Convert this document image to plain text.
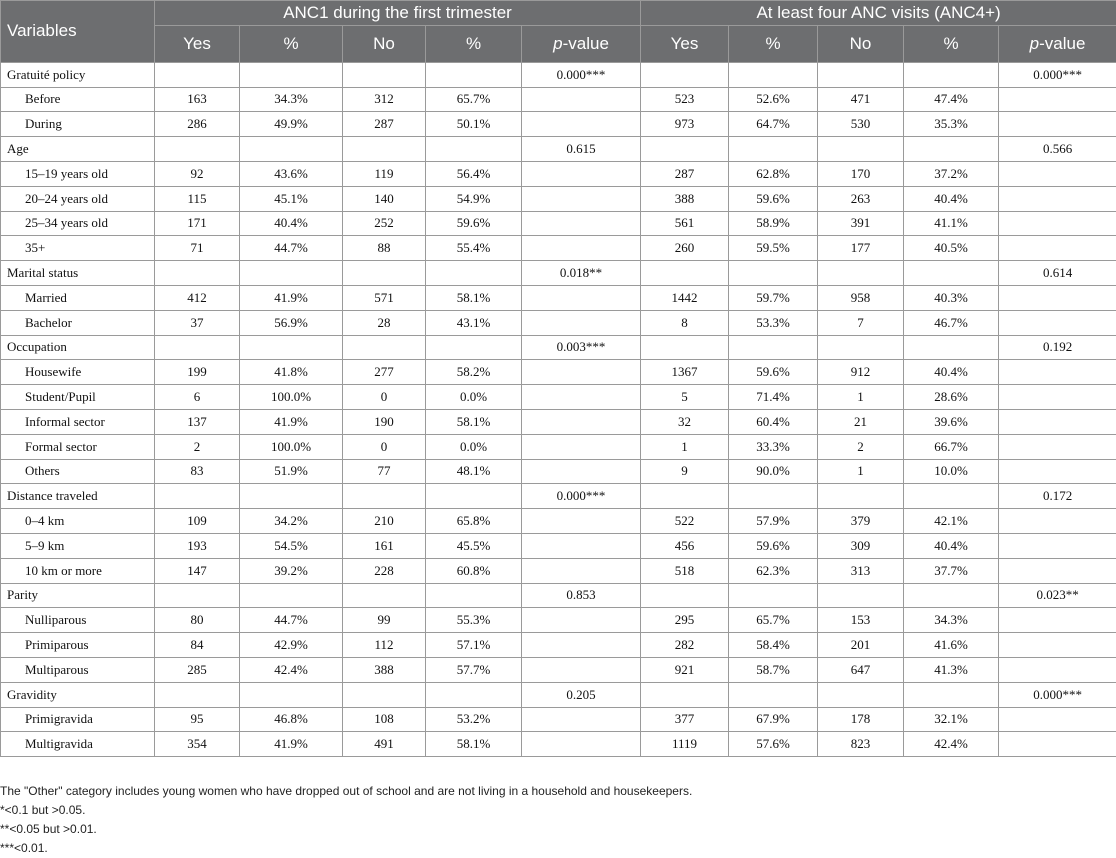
Variables	ANC1 during the first trimester					At least four ANC visits (ANC4+)				
	Yes	%	No	%	p-value	Yes	%	No	%	p-value
Gratuité policy					0.000***					0.000***
Before	163	34.3%	312	65.7%		523	52.6%	471	47.4%	
During	286	49.9%	287	50.1%		973	64.7%	530	35.3%	
Age					0.615					0.566
15–19 years old	92	43.6%	119	56.4%		287	62.8%	170	37.2%	
20–24 years old	115	45.1%	140	54.9%		388	59.6%	263	40.4%	
25–34 years old	171	40.4%	252	59.6%		561	58.9%	391	41.1%	
35+	71	44.7%	88	55.4%		260	59.5%	177	40.5%	
Marital status					0.018**					0.614
Married	412	41.9%	571	58.1%		1442	59.7%	958	40.3%	
Bachelor	37	56.9%	28	43.1%		8	53.3%	7	46.7%	
Occupation					0.003***					0.192
Housewife	199	41.8%	277	58.2%		1367	59.6%	912	40.4%	
Student/Pupil	6	100.0%	0	0.0%		5	71.4%	1	28.6%	
Informal sector	137	41.9%	190	58.1%		32	60.4%	21	39.6%	
Formal sector	2	100.0%	0	0.0%		1	33.3%	2	66.7%	
Others	83	51.9%	77	48.1%		9	90.0%	1	10.0%	
Distance traveled					0.000***					0.172
0–4 km	109	34.2%	210	65.8%		522	57.9%	379	42.1%	
5–9 km	193	54.5%	161	45.5%		456	59.6%	309	40.4%	
10 km or more	147	39.2%	228	60.8%		518	62.3%	313	37.7%	
Parity					0.853					0.023**
Nulliparous	80	44.7%	99	55.3%		295	65.7%	153	34.3%	
Primiparous	84	42.9%	112	57.1%		282	58.4%	201	41.6%	
Multiparous	285	42.4%	388	57.7%		921	58.7%	647	41.3%	
Gravidity					0.205					0.000***
Primigravida	95	46.8%	108	53.2%		377	67.9%	178	32.1%	
Multigravida	354	41.9%	491	58.1%		1119	57.6%	823	42.4%	
The "Other" category includes young women who have dropped out of school and are not living in a household and housekeepers.
*<0.1 but >0.05.
**<0.05 but >0.01.
***<0.01.
